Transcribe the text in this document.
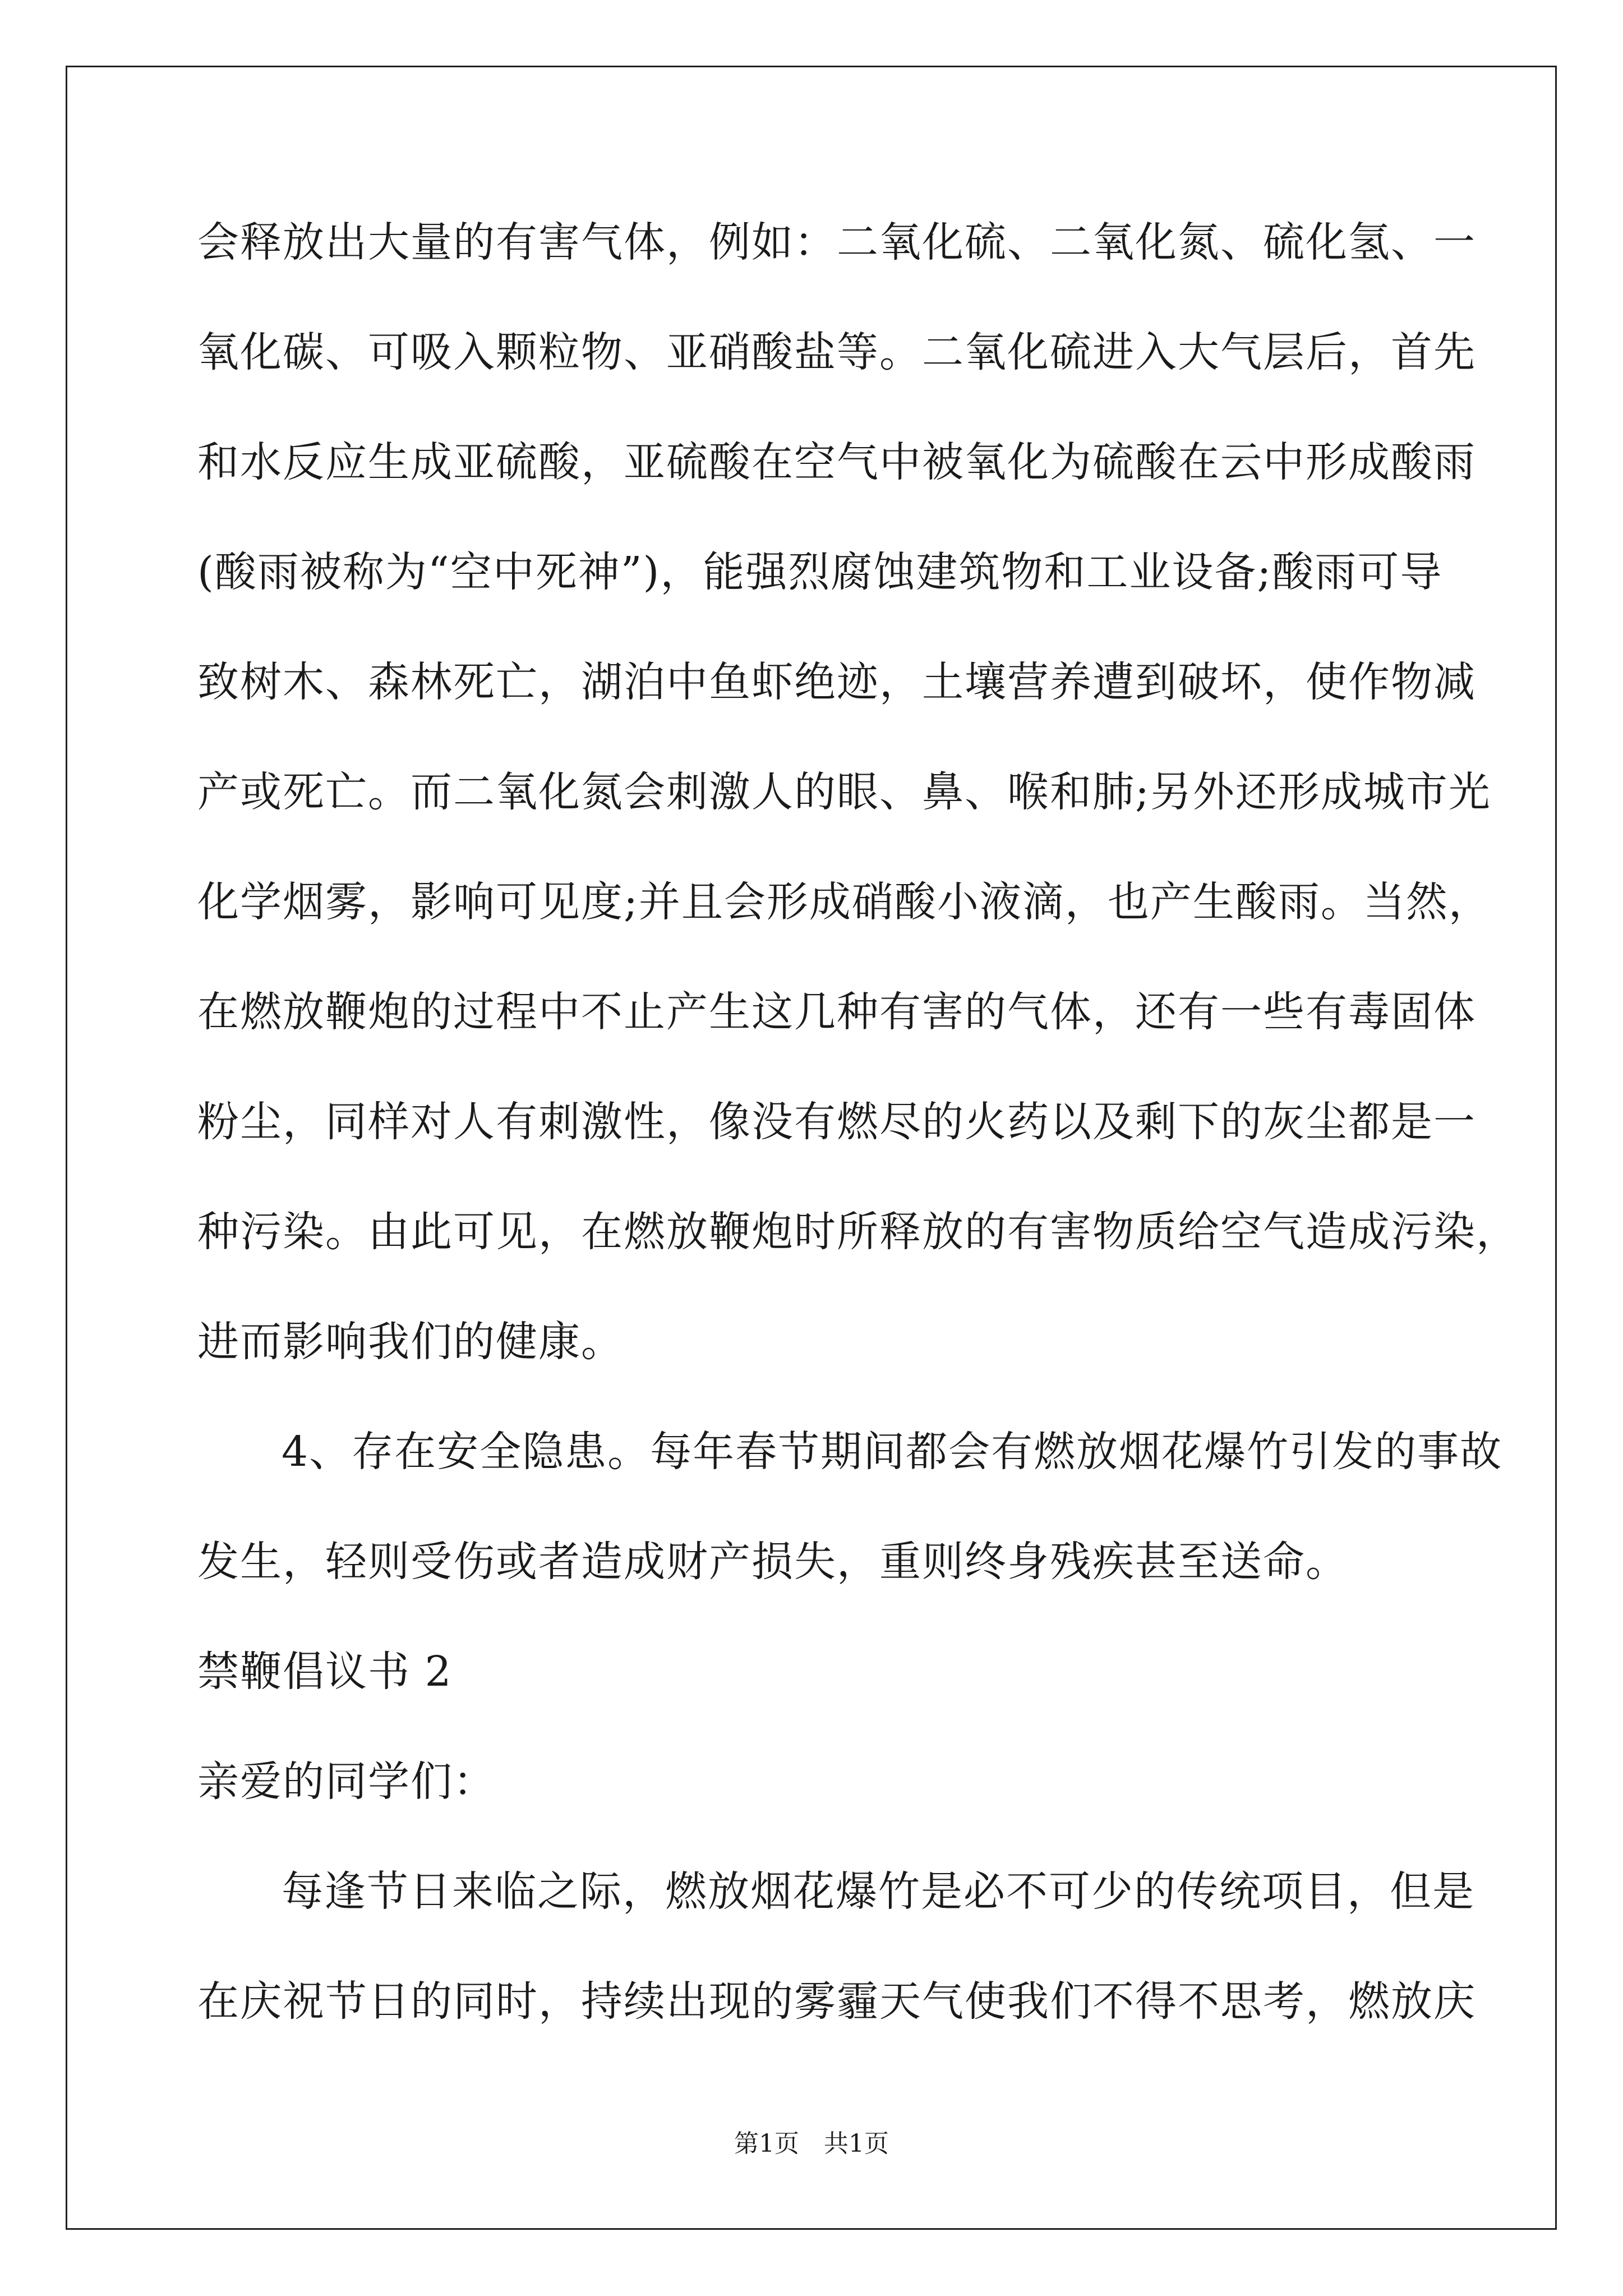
会释放出大量的有害气体，例如：二氧化硫、二氧化氮、硫化氢、一
氧化碳、可吸入颗粒物、亚硝酸盐等。二氧化硫进入大气层后，首先
和水反应生成亚硫酸，亚硫酸在空气中被氧化为硫酸在云中形成酸雨
(酸雨被称为“空中死神”)，能强烈腐蚀建筑物和工业设备;酸雨可导
致树木、森林死亡，湖泊中鱼虾绝迹，土壤营养遭到破坏，使作物减
产或死亡。而二氧化氮会刺激人的眼、鼻、喉和肺;另外还形成城市光
化学烟雾，影响可见度;并且会形成硝酸小液滴，也产生酸雨。当然，
在燃放鞭炮的过程中不止产生这几种有害的气体，还有一些有毒固体
粉尘，同样对人有刺激性，像没有燃尽的火药以及剩下的灰尘都是一
种污染。由此可见，在燃放鞭炮时所释放的有害物质给空气造成污染，
进而影响我们的健康。
4、存在安全隐患。每年春节期间都会有燃放烟花爆竹引发的事故
发生，轻则受伤或者造成财产损失，重则终身残疾甚至送命。
禁鞭倡议书 2
亲爱的同学们：
每逢节日来临之际，燃放烟花爆竹是必不可少的传统项目，但是
在庆祝节日的同时，持续出现的雾霾天气使我们不得不思考，燃放庆
第1页　共1页
